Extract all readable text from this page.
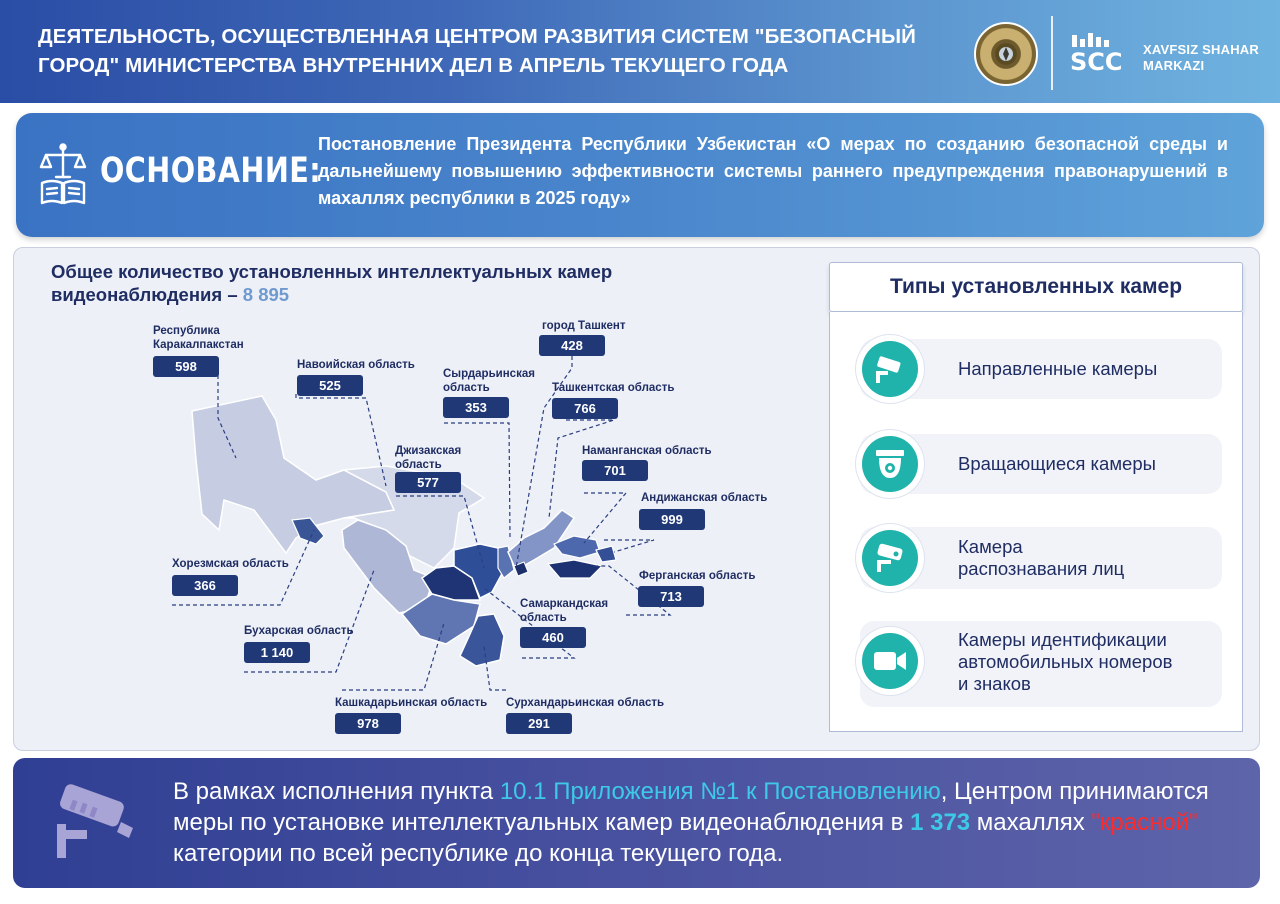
ДЕЯТЕЛЬНОСТЬ, ОСУЩЕСТВЛЕННАЯ ЦЕНТРОМ РАЗВИТИЯ СИСТЕМ "БЕЗОПАСНЫЙ ГОРОД" МИНИСТЕРСТВА ВНУТРЕННИХ ДЕЛ В АПРЕЛЬ ТЕКУЩЕГО ГОДА	SCC XAVFSIZ SHAHAR
MARKAZI
ОСНОВАНИЕ:
Постановление Президента Республики Узбекистан «О мерах по созданию безопасной среды и дальнейшему повышению эффективности системы раннего предупреждения правонарушений в махаллях республики в 2025 году»
Общее количество установленных интеллектуальных камер видеонаблюдения – 8 895
Республика
Каракалпакстан
598	Навоийская область
525
Сырдарьинская
область
353
город Ташкент
428
Ташкентская область
766
Джизакская
область
577
Наманганская область
701
Андижанская область
999
Хорезмская область
366
Ферганская область
713
Самаркандская
область
460
Бухарская область
1 140
Кашкадарьинская область
978
Сурхандарьинская область
291
Типы установленных камер
Направленные камеры
Вращающиеся камеры
Камера
распознавания лиц
Камеры идентификации
автомобильных номеров
и знаков
В рамках исполнения пункта 10.1 Приложения №1 к Постановлению, Центром принимаются меры по установке интеллектуальных камер видеонаблюдения в 1 373 махаллях "красной" категории по всей республике до конца текущего года.
